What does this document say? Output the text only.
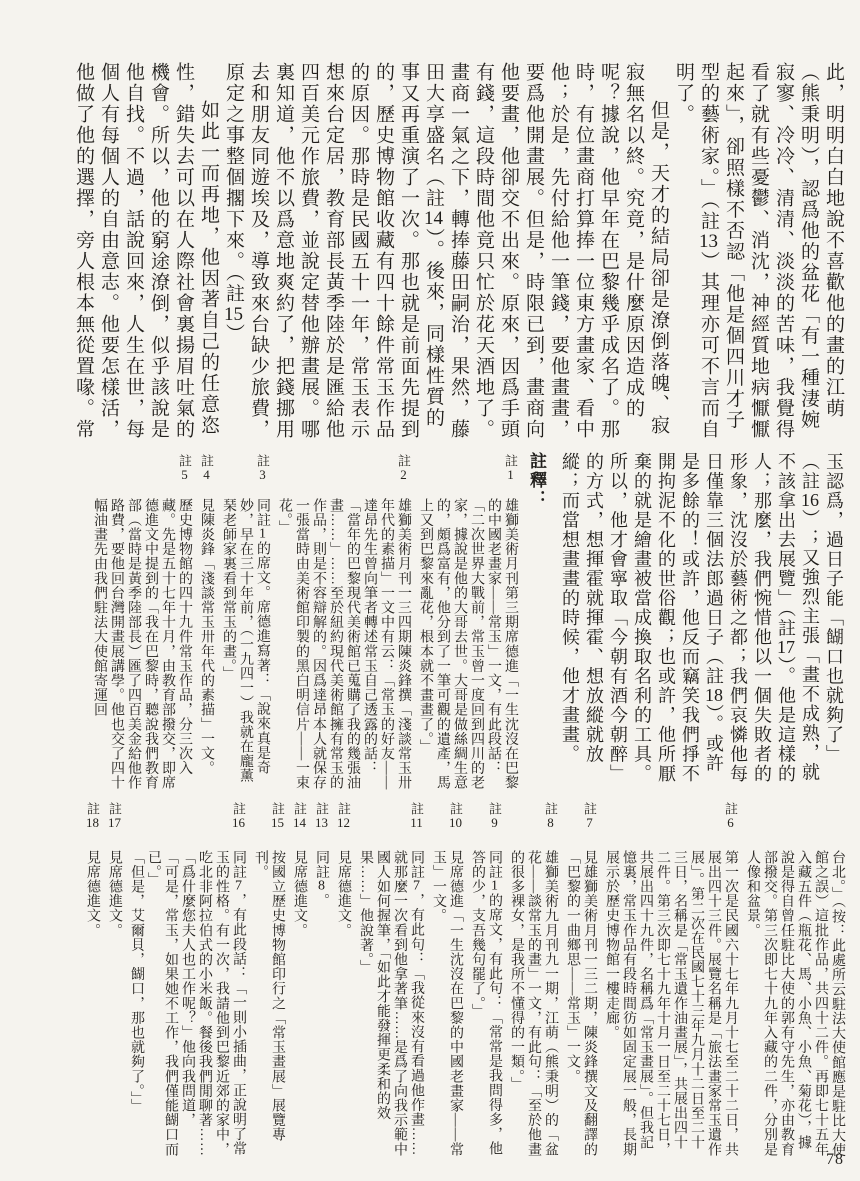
此，明明白白地說不喜歡他的畫的江萌（熊秉明），認爲他的盆花「有一種淒婉寂寥、冷冷、清清、淡淡的苦味，我覺得看了就有些憂鬱、消沈，神經質地病懨懨起來」，卻照樣不否認「他是個四川才子型的藝術家。」（註13）其理亦可不言而自明了。

但是，天才的結局卻是潦倒落魄、寂寂無名以終。究竟，是什麼原因造成的呢？據說，他早年在巴黎幾乎成名了。那時，有位畫商打算捧一位東方畫家、看中他；於是，先付給他一筆錢，要他畫畫，要爲他開畫展。但是，時限已到，畫商向他要畫，他卻交不出來。原來，因爲手頭有錢，這段時間他竟只忙於花天酒地了。畫商一氣之下，轉捧藤田嗣治，果然，藤田大享盛名（註14）。後來，同樣性質的事又再重演了一次。那也就是前面先提到的，歷史博物館收藏有四十餘件常玉作品的原因。那時是民國五十一年，常玉表示想來台定居，教育部長黃季陸於是匯給他四百美元作旅費，並說定替他辦畫展。哪裏知道，他不以爲意地爽約了，把錢挪用去和朋友同遊埃及，導致來台缺少旅費，原定之事整個擱下來。（註15）

如此一而再地，他因著自己的任意恣性，錯失去可以在人際社會裏揚眉吐氣的機會。所以，他的窮途潦倒，似乎該說是他自找。不過，話說回來，人生在世，每個人有每個人的自由意志。他要怎樣活，他做了他的選擇，旁人根本無從置喙。常

玉認爲，過日子能「餬口也就夠了」（註16）；又強烈主張「畫不成熟，就不該拿出去展覽」（註17）。他是這樣的人；那麼，我們惋惜他以一個失敗者的形象，沈沒於藝術之都；我們哀憐他每日僅靠三個法郎過日子（註18）。或許是多餘的！或許，他反而竊笑我們掙不開拘泥不化的世俗觀；也或許，他所厭棄的就是繪畫被當成換取名利的工具。所以，他才會寧取「今朝有酒今朝醉」的方式，想揮霍就揮霍、想放縱就放縱；而當想畫畫的時候，他才畫畫。
註釋：
註1
雄獅美術月刊第三期席德進「一生沈沒在巴黎的中國老畫家——常玉」一文，有此段話：「二次世界大戰前，常玉曾一度回到四川的老家，據說是他的大哥去世。大哥是做絲綢生意的，頗爲富有，他分到了一筆可觀的遺產，馬上又到巴黎來亂花，根本就不畫畫了。」
註2
雄獅美術月刊一三四期陳炎鋒撰「淺談常玉卅年代的素描」一文中有云：「常玉的好友——達昂先生曾向筆者轉述常玉自己透露的話：「當年的巴黎現代美術館已蒐購了我的幾張油畫……」……至於紐約現代美術館擁有常玉的作品，則是不容辯解的。因爲達昂本人就保存一張當時由美術館印製的黑白明信片——一束花。」
註3
同註1的席文。席德進寫著：「說來真是奇妙，早在三十年前，（一九四一）我就在龐薰琹老師家裏看到常玉的畫。」
註4
見陳炎鋒「淺談常玉卅年代的素描」一文。
註5
歷史博物館的四十九件常玉作品，分三次入藏。先是五十七年十月，由教育部撥交，即席德進文中提到的「我在巴黎時，聽說我們教育部（當時是黃季陸部長）匯了四百美金給他作路費，要他回台灣開畫展講學。他也交了四十幅油畫先由我們駐法大使館寄運回
台北。」（按：此處所云駐法大使館應是駐比大使館之誤）這批作品，共四十二件。再即七十五年入藏五件（瓶花、馬、小魚、小魚、菊花），據說是得自曾任駐比大使的郭有守先生，亦由教育部撥交。第三次即七十九年入藏的二件，分別是人像和盆景。
註6
第一次是民國六十七年九月十七至二十二日，共展出四十三件。展覽名稱是「旅法畫家常玉遺作展」。第二次在民國七十三年九月十二日至二十三日，名稱是「常玉遺作油畫展」，共展出四十二件。第三次即七十九年十月一日至二十七日，共展出四十九件，名稱爲「常玉畫展」。但我記憶裏，常玉作品有段時間彷如固定展一般，長期展示於歷史博物館一樓走廊。
註7
見雄獅美術月刊一三二期，陳炎鋒撰文及翻譯的「巴黎的一曲鄉思——常玉」一文。
註8
雄獅美術九月刊九一期，江萌（熊秉明）的「盆花——談常玉的畫」一文，有此句：「至於他畫的很多裸女，是我所不懂得的一類。」
註9
同註1的席文，有此句：「常常是我問得多，他答的少，支吾幾句罷了。」
註10
見席德進「一生沈沒在巴黎的中國老畫家——常玉」一文。
註11
同註7，有此句：「我從來沒有看過他作畫……就那麼一次看到他拿著筆……是爲了向我示範中國人如何握筆，「如此才能發揮更柔和的效果……」他說著。」
註12
見席德進文。
註13
同註8。
註14
見席德進文。
註15
按國立歷史博物館印行之「常玉畫展」展覽專刊。
註16
同註7，有此段話：「一則小插曲，正說明了常玉的性格。有一次，我請他到巴黎近郊的家中，吃北非阿拉伯式的小米飯。餐後我們閒聊著……「爲什麼您夫人也工作呢？」他向我問道，
「可是，常玉，如果她不工作，我們僅能餬口而已。」
「但是，艾爾貝，餬口，那也就夠了。」」
註17
見席德進文。
註18
見席德進文。
78
